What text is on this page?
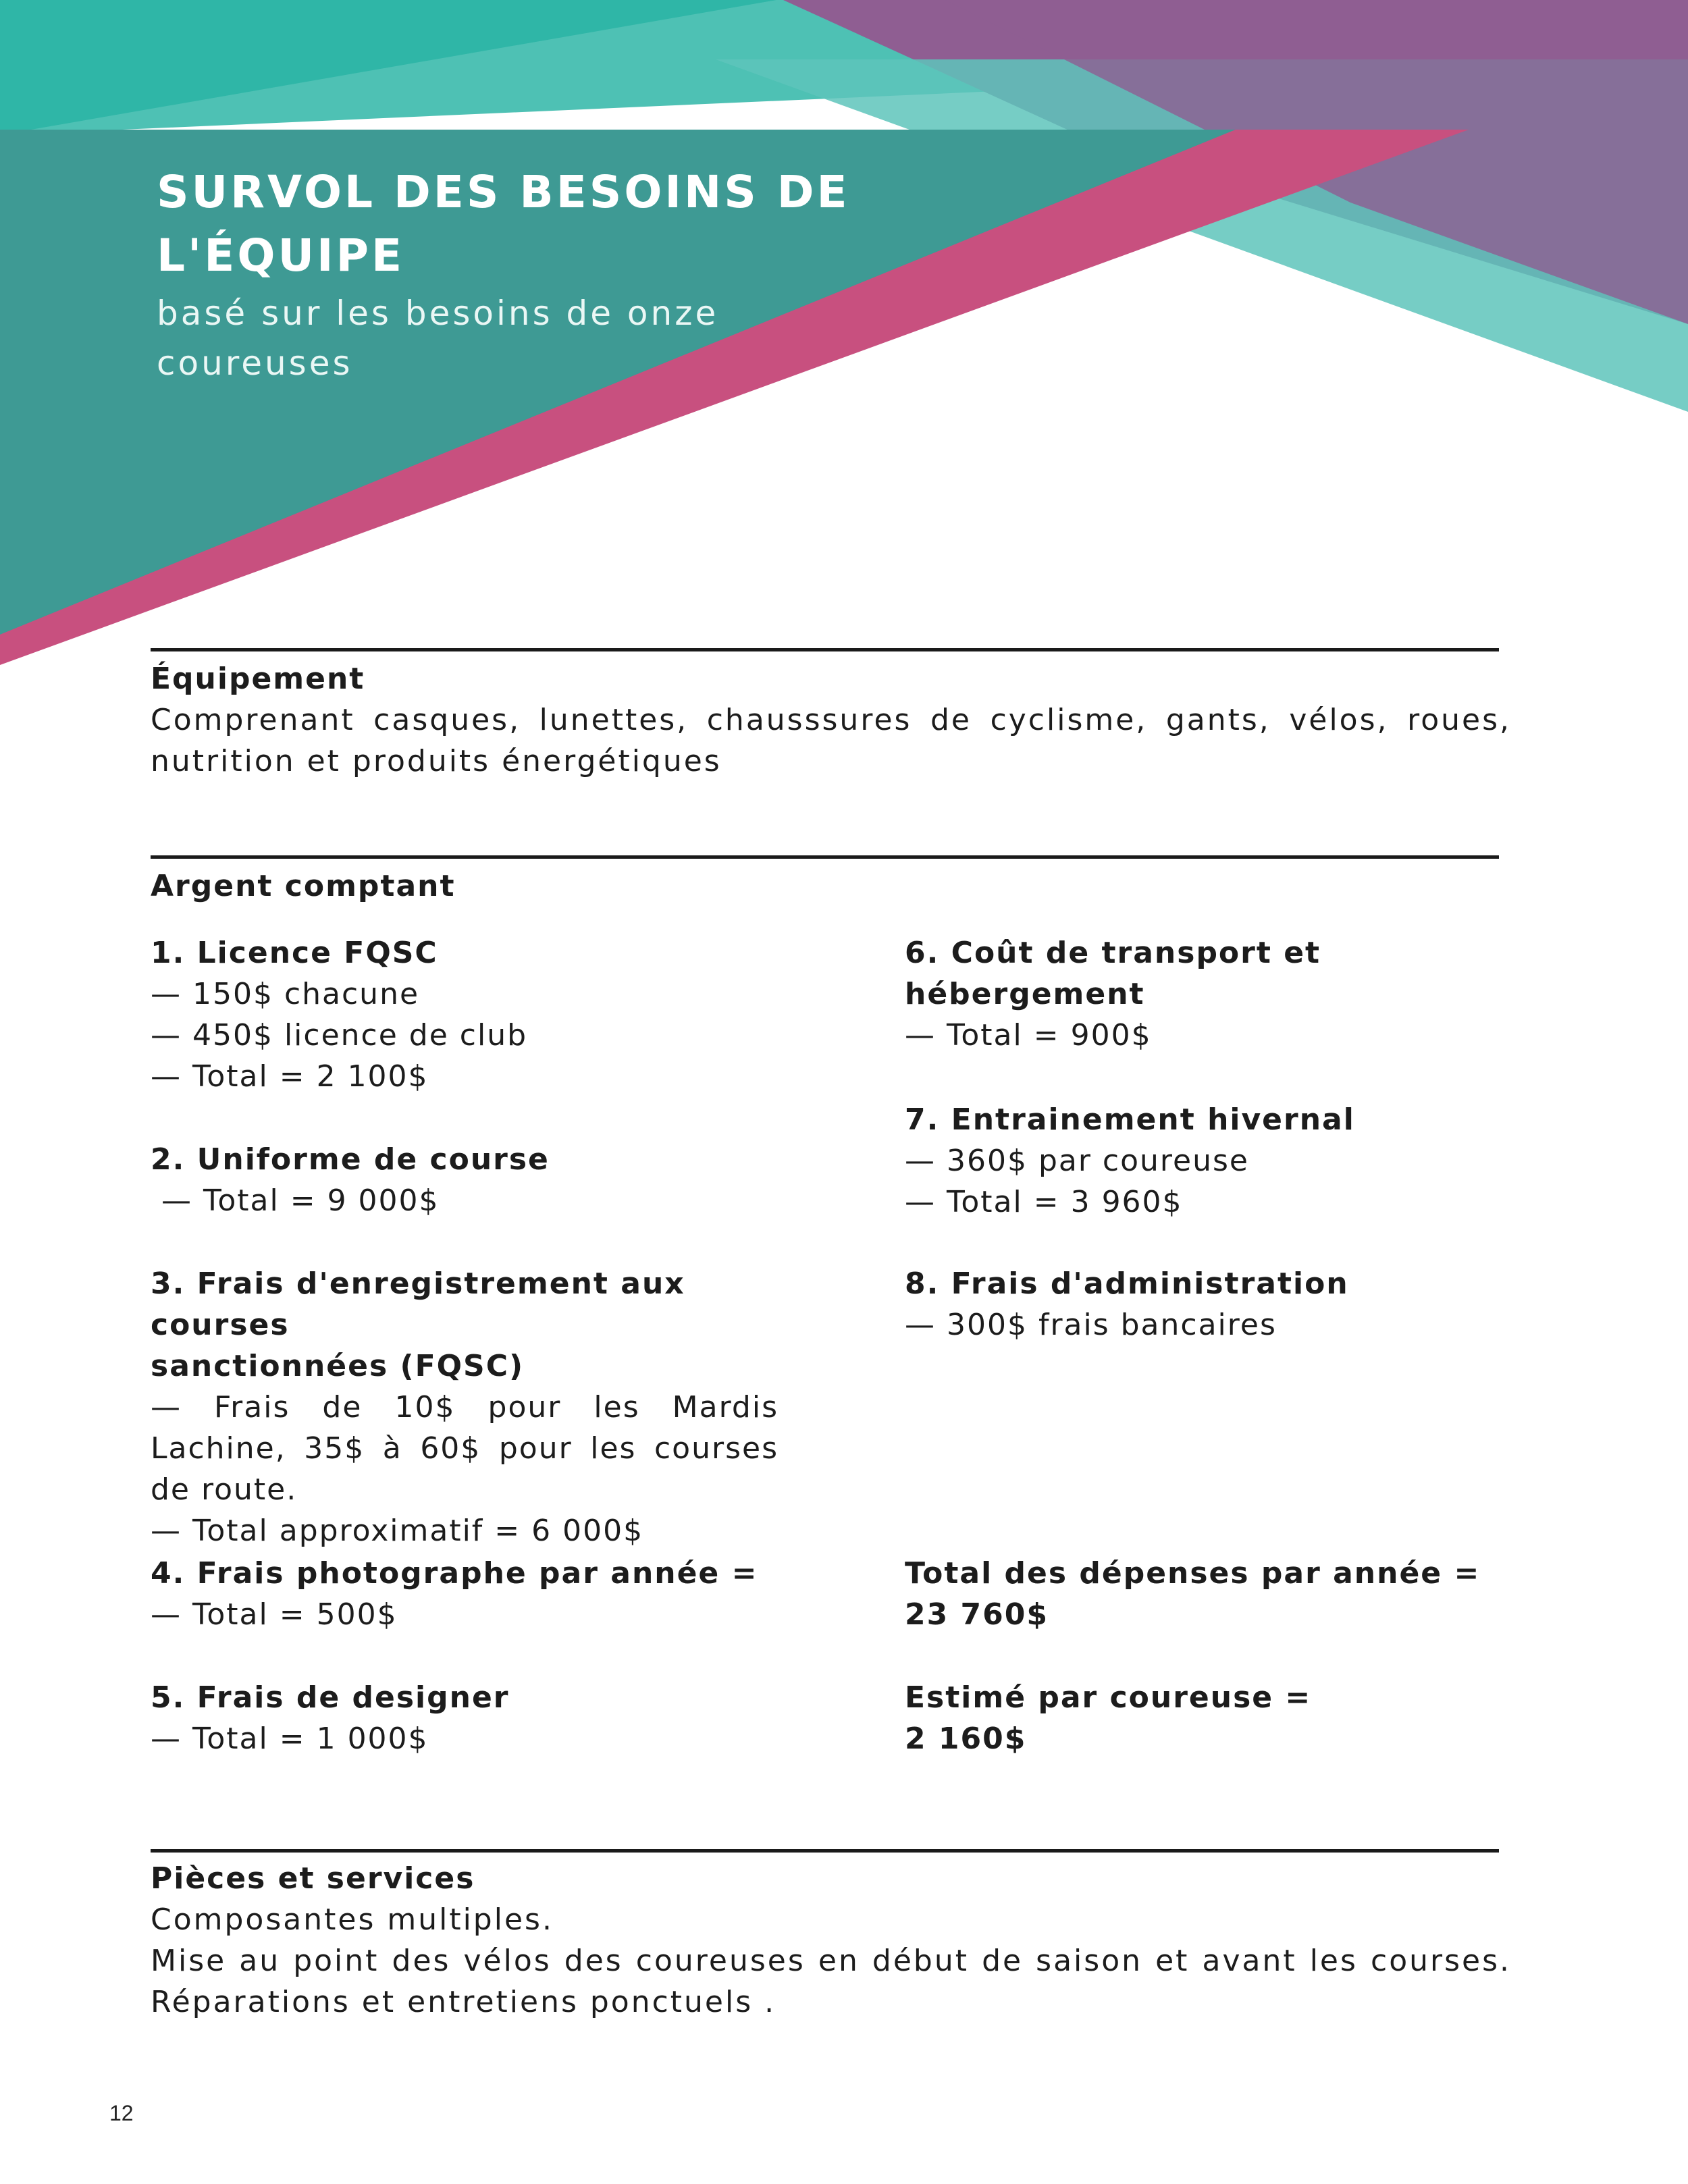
SURVOL DES BESOINS DE
L'ÉQUIPE

basé sur les besoins de onze
coureuses

Équipement

Comprenant casques, lunettes, chausssures de cyclisme, gants, vélos, roues,
nutrition et produits énergétiques

Argent comptant
1. Licence FQSC
— 150$ chacune
— 450$ licence de club
— Total = 2 100$
2. Uniforme de course
— Total = 9 000$
3. Frais d'enregistrement aux courses
sanctionnées (FQSC)
— Frais de 10$ pour les Mardis
Lachine, 35$ à 60$ pour les courses
de route.
— Total approximatif = 6 000$
4. Frais photographe par année =
— Total = 500$
5. Frais de designer
— Total = 1 000$
6. Coût de transport et
hébergement
— Total = 900$
7. Entrainement hivernal
— 360$ par coureuse
— Total = 3 960$
8. Frais d'administration
— 300$ frais bancaires
Total des dépenses par année =
23 760$
Estimé par coureuse =
2 160$
Pièces et services

Composantes multiples.
Mise au point des vélos des coureuses en début de saison et avant les courses.
Réparations et entretiens ponctuels .

12
